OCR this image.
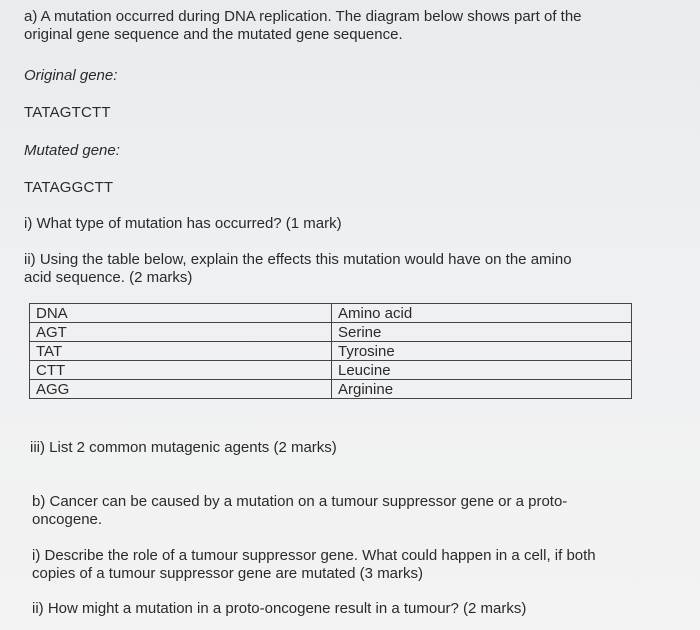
a) A mutation occurred during DNA replication. The diagram below shows part of the
original gene sequence and the mutated gene sequence.
Original gene:
TATAGTCTT
Mutated gene:
TATAGGCTT
i) What type of mutation has occurred? (1 mark)
ii) Using the table below, explain the effects this mutation would have on the amino
acid sequence. (2 marks)
DNA	Amino acid
AGT	Serine
TAT	Tyrosine
CTT	Leucine
AGG	Arginine
iii) List 2 common mutagenic agents (2 marks)
b) Cancer can be caused by a mutation on a tumour suppressor gene or a proto-
oncogene.
i) Describe the role of a tumour suppressor gene. What could happen in a cell, if both
copies of a tumour suppressor gene are mutated (3 marks)
ii) How might a mutation in a proto-oncogene result in a tumour? (2 marks)
